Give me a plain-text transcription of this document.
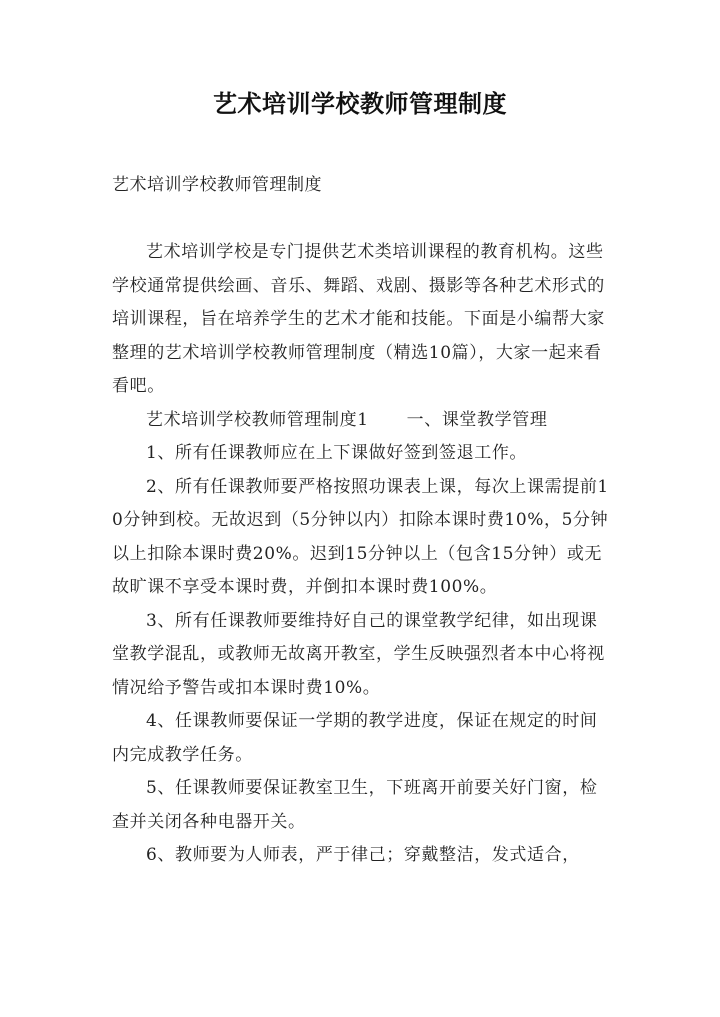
艺术培训学校教师管理制度
艺术培训学校教师管理制度

艺术培训学校是专门提供艺术类培训课程的教育机构。这些学校通常提供绘画、音乐、舞蹈、戏剧、摄影等各种艺术形式的培训课程，旨在培养学生的艺术才能和技能。下面是小编帮大家整理的艺术培训学校教师管理制度（精选10篇），大家一起来看看吧。

艺术培训学校教师管理制度1 一、课堂教学管理

1、所有任课教师应在上下课做好签到签退工作。

2、所有任课教师要严格按照功课表上课，每次上课需提前10分钟到校。无故迟到（5分钟以内）扣除本课时费10%，5分钟以上扣除本课时费20%。迟到15分钟以上（包含15分钟）或无故旷课不享受本课时费，并倒扣本课时费100%。

3、所有任课教师要维持好自己的课堂教学纪律，如出现课堂教学混乱，或教师无故离开教室，学生反映强烈者本中心将视情况给予警告或扣本课时费10%。

4、任课教师要保证一学期的教学进度，保证在规定的时间内完成教学任务。

5、任课教师要保证教室卫生，下班离开前要关好门窗，检查并关闭各种电器开关。

6、教师要为人师表，严于律己；穿戴整洁，发式适合，
